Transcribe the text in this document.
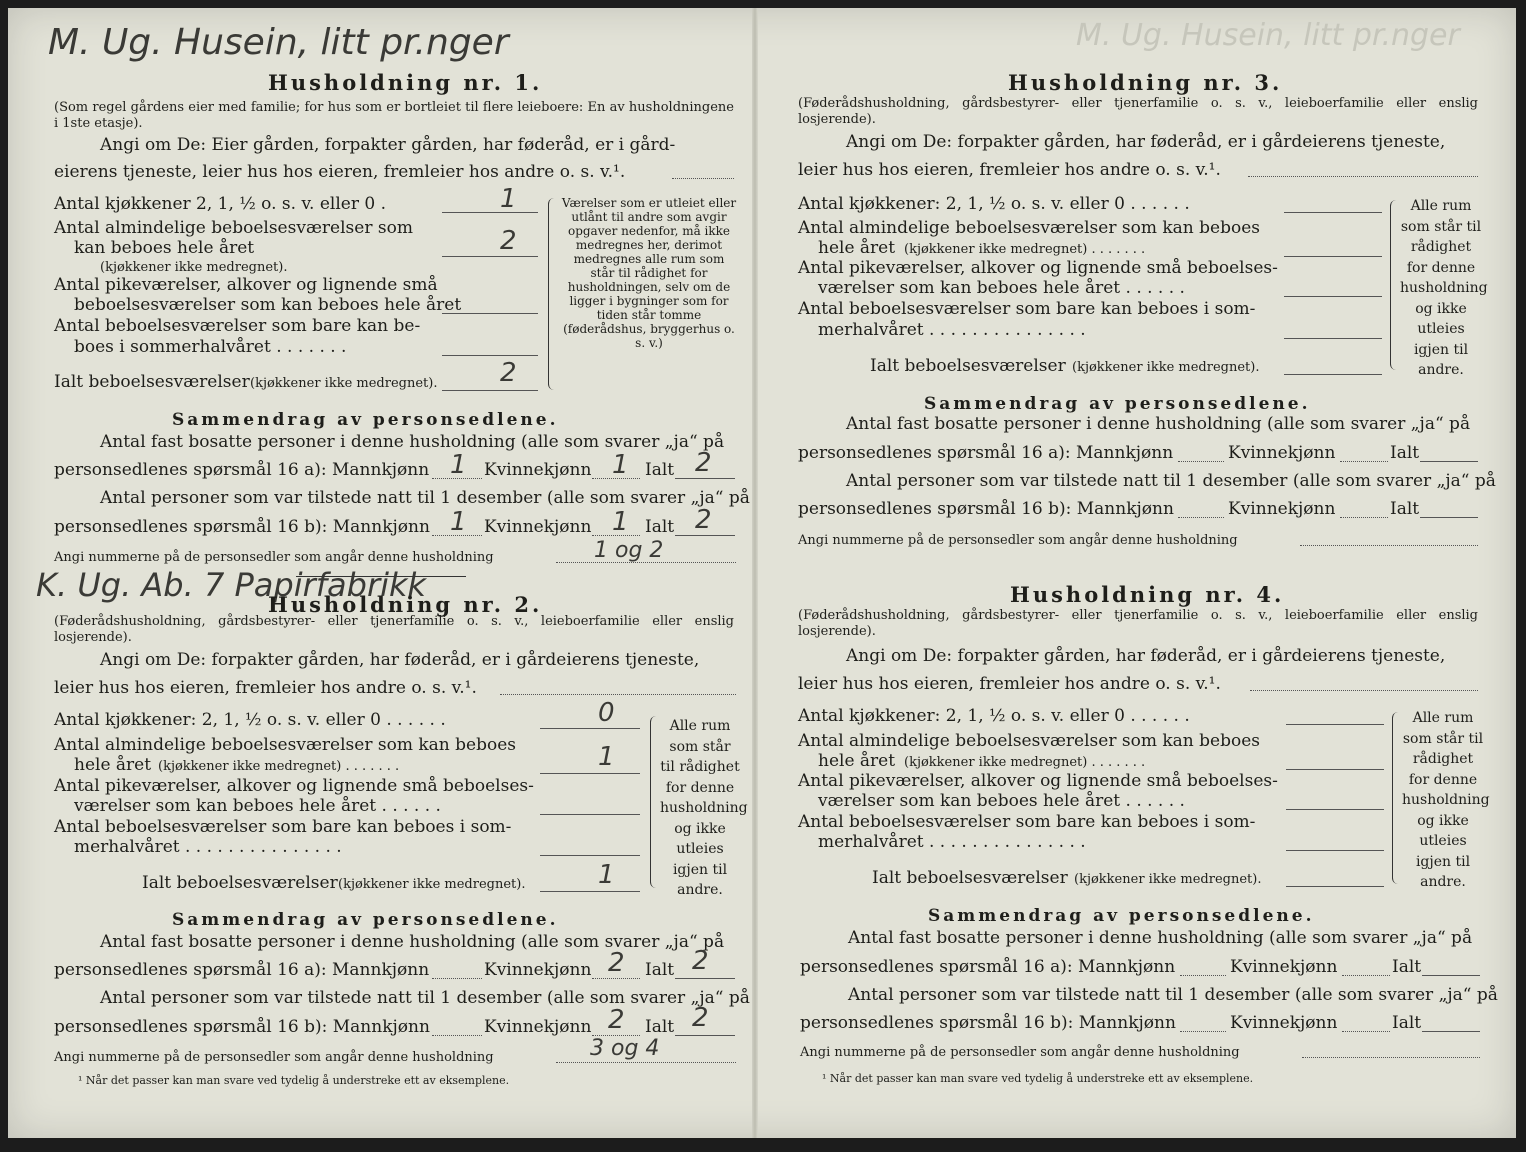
M. Ug. Husein, litt pr.nger
Husholdning nr. 1.
(Som regel gårdens eier med familie; for hus som er bortleiet til flere leieboere: En av husholdningene i 1ste etasje).
Angi om De: Eier gården, forpakter gården, har føderåd, er i gård-
eierens tjeneste, leier hus hos eieren, fremleier hos andre o. s. v.¹.
Antal kjøkkener 2, 1, ½ o. s. v. eller 0 .	1
Antal almindelige beboelsesværelser som
kan beboes hele året	2
(kjøkkener ikke medregnet).
Antal pikeværelser, alkover og lignende små
beboelsesværelser som kan beboes hele året
Antal beboelsesværelser som bare kan be-
boes i sommerhalvåret . . . . . . .
Ialt beboelsesværelser (kjøkkener ikke medregnet). 2
Værelser som er utleiet eller utlånt til andre som avgir opgaver nedenfor, må ikke medregnes her, derimot medregnes alle rum som står til rådighet for husholdningen, selv om de ligger i bygninger som for tiden står tomme (føderådshus, bryggerhus o. s. v.)
Sammendrag av personsedlene.
Antal fast bosatte personer i denne husholdning (alle som svarer „ja“ på
personsedlenes spørsmål 16 a): Mannkjønn 1 Kvinnekjønn 1 Ialt 2
Antal personer som var tilstede natt til 1 desember (alle som svarer „ja“ på
personsedlenes spørsmål 16 b): Mannkjønn 1 Kvinnekjønn 1 Ialt 2
Angi nummerne på de personsedler som angår denne husholdning	1 og 2
K. Ug. Ab. 7 Papirfabrikk
Husholdning nr. 2.
(Føderådshusholdning, gårdsbestyrer- eller tjenerfamilie o. s. v., leieboerfamilie eller enslig losjerende).
Angi om De: forpakter gården, har føderåd, er i gårdeierens tjeneste,
leier hus hos eieren, fremleier hos andre o. s. v.¹.
Antal kjøkkener: 2, 1, ½ o. s. v. eller 0 . . . . . .	0
Antal almindelige beboelsesværelser som kan beboes
hele året (kjøkkener ikke medregnet) . . . . . . .	1
Antal pikeværelser, alkover og lignende små beboelses-
værelser som kan beboes hele året . . . . . .
Antal beboelsesværelser som bare kan beboes i som-
merhalvåret . . . . . . . . . . . . . . .
Ialt beboelsesværelser (kjøkkener ikke medregnet).	1
Alle rum som står til rådighet for denne husholdning og ikke utleies igjen til andre.
Sammendrag av personsedlene.
Antal fast bosatte personer i denne husholdning (alle som svarer „ja“ på
personsedlenes spørsmål 16 a): Mannkjønn	Kvinnekjønn 2 Ialt 2
Antal personer som var tilstede natt til 1 desember (alle som svarer „ja“ på
personsedlenes spørsmål 16 b): Mannkjønn	Kvinnekjønn 2 Ialt 2
Angi nummerne på de personsedler som angår denne husholdning	3 og 4
¹ Når det passer kan man svare ved tydelig å understreke ett av eksemplene.
M. Ug. Husein, litt pr.nger
Husholdning nr. 3.
(Føderådshusholdning, gårdsbestyrer- eller tjenerfamilie o. s. v., leieboerfamilie eller enslig losjerende).
Angi om De: forpakter gården, har føderåd, er i gårdeierens tjeneste,
leier hus hos eieren, fremleier hos andre o. s. v.¹.
Antal kjøkkener: 2, 1, ½ o. s. v. eller 0 . . . . . .
Antal almindelige beboelsesværelser som kan beboes
hele året (kjøkkener ikke medregnet) . . . . . . .
Antal pikeværelser, alkover og lignende små beboelses-
værelser som kan beboes hele året . . . . . .
Antal beboelsesværelser som bare kan beboes i som-
merhalvåret . . . . . . . . . . . . . . .
Ialt beboelsesværelser (kjøkkener ikke medregnet).
Alle rum som står til rådighet for denne husholdning og ikke utleies igjen til andre.
Sammendrag av personsedlene.
Antal fast bosatte personer i denne husholdning (alle som svarer „ja“ på
personsedlenes spørsmål 16 a): Mannkjønn	Kvinnekjønn	Ialt
Antal personer som var tilstede natt til 1 desember (alle som svarer „ja“ på
personsedlenes spørsmål 16 b): Mannkjønn	Kvinnekjønn	Ialt
Angi nummerne på de personsedler som angår denne husholdning
Husholdning nr. 4.
(Føderådshusholdning, gårdsbestyrer- eller tjenerfamilie o. s. v., leieboerfamilie eller enslig losjerende).
Angi om De: forpakter gården, har føderåd, er i gårdeierens tjeneste,
leier hus hos eieren, fremleier hos andre o. s. v.¹.
Antal kjøkkener: 2, 1, ½ o. s. v. eller 0 . . . . . .
Antal almindelige beboelsesværelser som kan beboes
hele året (kjøkkener ikke medregnet) . . . . . . .
Antal pikeværelser, alkover og lignende små beboelses-
værelser som kan beboes hele året . . . . . .
Antal beboelsesværelser som bare kan beboes i som-
merhalvåret . . . . . . . . . . . . . . .
Ialt beboelsesværelser (kjøkkener ikke medregnet).
Alle rum som står til rådighet for denne husholdning og ikke utleies igjen til andre.
Sammendrag av personsedlene.
Antal fast bosatte personer i denne husholdning (alle som svarer „ja“ på
personsedlenes spørsmål 16 a): Mannkjønn	Kvinnekjønn	Ialt
Antal personer som var tilstede natt til 1 desember (alle som svarer „ja“ på
personsedlenes spørsmål 16 b): Mannkjønn	Kvinnekjønn	Ialt
Angi nummerne på de personsedler som angår denne husholdning
¹ Når det passer kan man svare ved tydelig å understreke ett av eksemplene.
